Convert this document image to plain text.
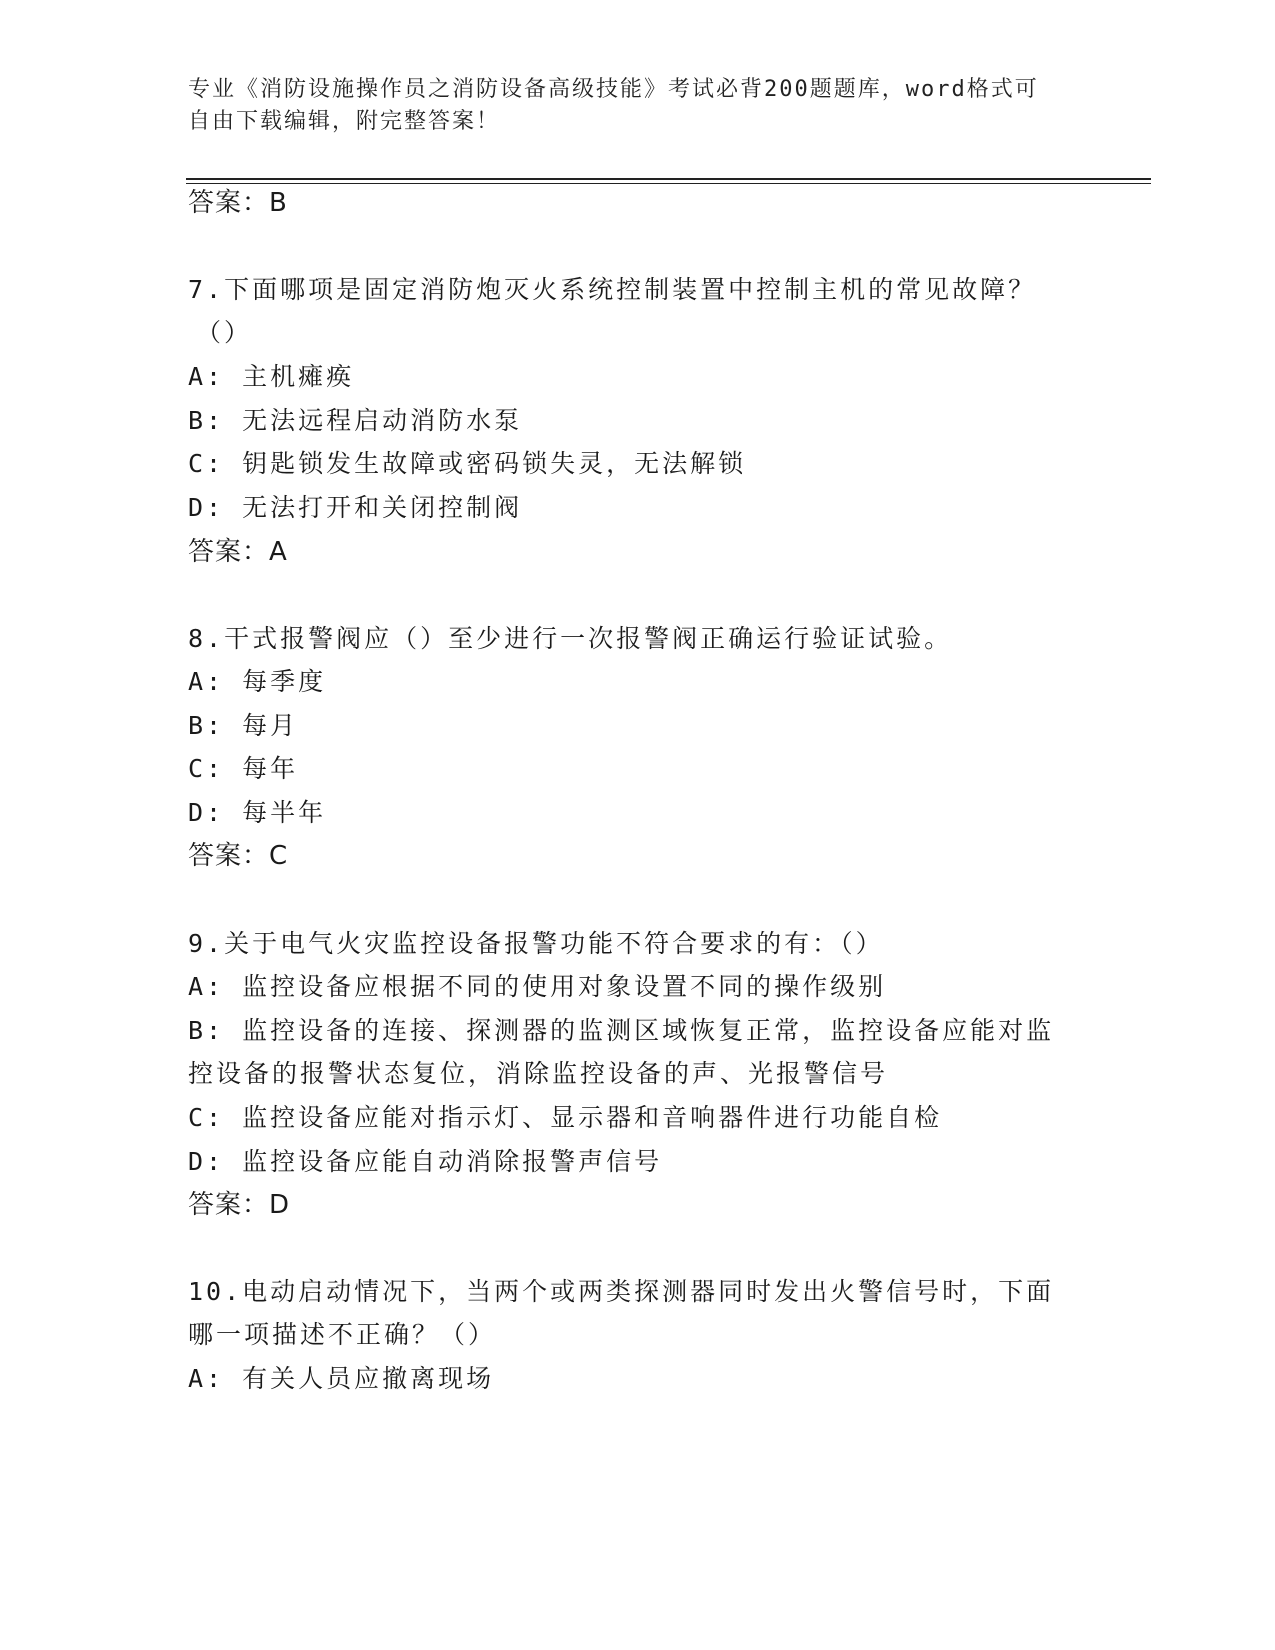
专业《消防设施操作员之消防设备高级技能》考试必背200题题库，word格式可
自由下载编辑，附完整答案！
答案：B
7.下面哪项是固定消防炮灭火系统控制装置中控制主机的常见故障？
（）
A: 主机瘫痪
B: 无法远程启动消防水泵
C: 钥匙锁发生故障或密码锁失灵，无法解锁
D: 无法打开和关闭控制阀
答案：A
8.干式报警阀应（）至少进行一次报警阀正确运行验证试验。
A: 每季度
B: 每月
C: 每年
D: 每半年
答案：C
9.关于电气火灾监控设备报警功能不符合要求的有：（）
A: 监控设备应根据不同的使用对象设置不同的操作级别
B: 监控设备的连接、探测器的监测区域恢复正常，监控设备应能对监
控设备的报警状态复位，消除监控设备的声、光报警信号
C: 监控设备应能对指示灯、显示器和音响器件进行功能自检
D: 监控设备应能自动消除报警声信号
答案：D
10.电动启动情况下，当两个或两类探测器同时发出火警信号时，下面
哪一项描述不正确？（）
A: 有关人员应撤离现场
